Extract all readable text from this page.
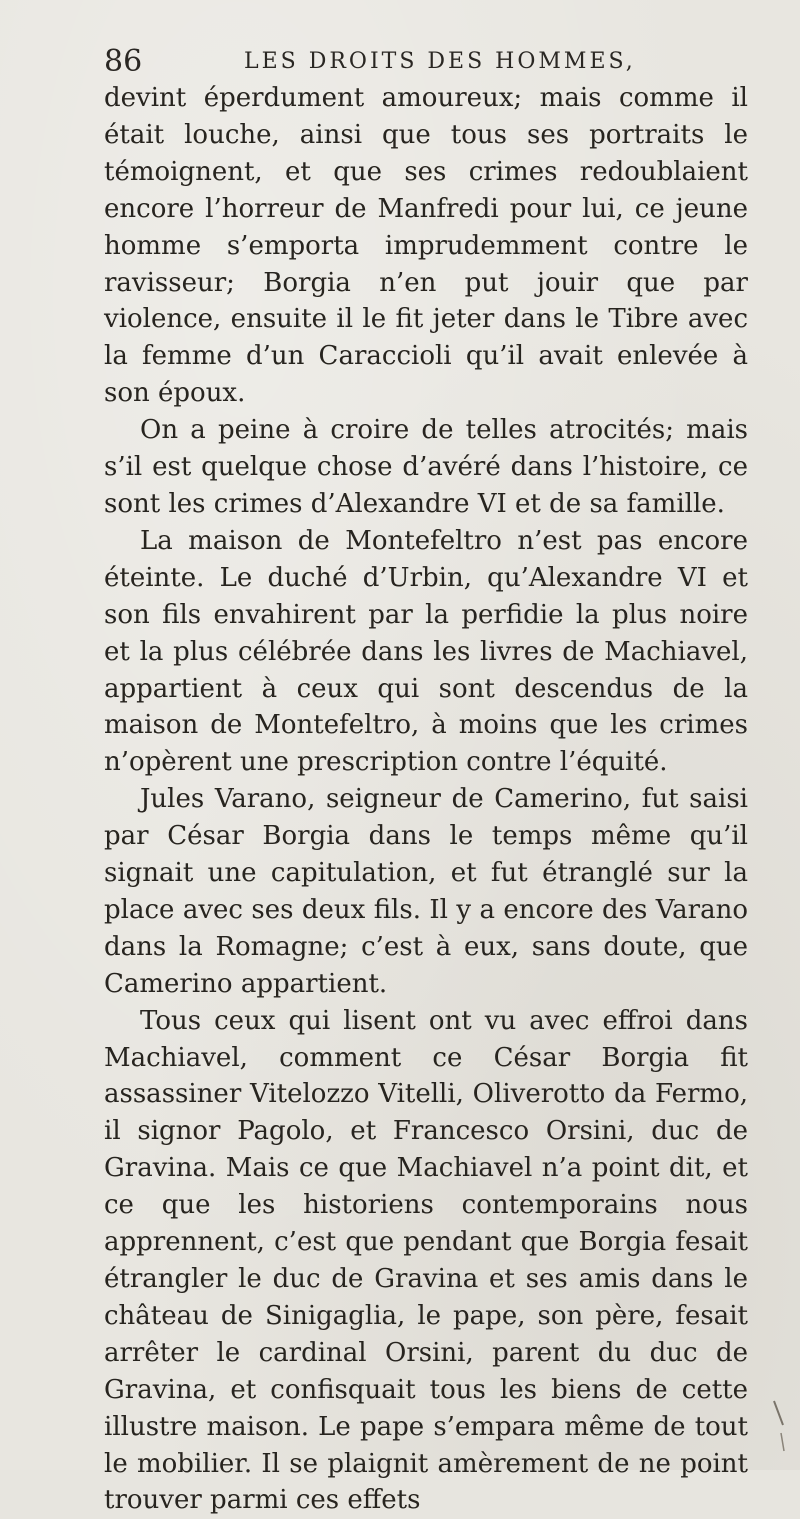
86	LES DROITS DES HOMMES,

devint éperdument amoureux; mais comme il était louche, ainsi que tous ses portraits le témoignent, et que ses crimes redoublaient encore l’horreur de Manfredi pour lui, ce jeune homme s’emporta imprudemment contre le ravisseur; Borgia n’en put jouir que par violence, ensuite il le fit jeter dans le Tibre avec la femme d’un Caraccioli qu’il avait enlevée à son époux.

On a peine à croire de telles atrocités; mais s’il est quelque chose d’avéré dans l’histoire, ce sont les crimes d’Alexandre VI et de sa famille.

La maison de Montefeltro n’est pas encore éteinte. Le duché d’Urbin, qu’Alexandre VI et son fils envahirent par la perfidie la plus noire et la plus célébrée dans les livres de Machiavel, appartient à ceux qui sont descendus de la maison de Montefeltro, à moins que les crimes n’opèrent une prescription contre l’équité.

Jules Varano, seigneur de Camerino, fut saisi par César Borgia dans le temps même qu’il signait une capitulation, et fut étranglé sur la place avec ses deux fils. Il y a encore des Varano dans la Romagne; c’est à eux, sans doute, que Camerino appartient.

Tous ceux qui lisent ont vu avec effroi dans Machiavel, comment ce César Borgia fit assassiner Vitelozzo Vitelli, Oliverotto da Fermo, il signor Pagolo, et Francesco Orsini, duc de Gravina. Mais ce que Machiavel n’a point dit, et ce que les historiens contemporains nous apprennent, c’est que pendant que Borgia fesait étrangler le duc de Gravina et ses amis dans le château de Sinigaglia, le pape, son père, fesait arrêter le cardinal Orsini, parent du duc de Gravina, et confisquait tous les biens de cette illustre maison. Le pape s’empara même de tout le mobilier. Il se plaignit amèrement de ne point trouver parmi ces effets
